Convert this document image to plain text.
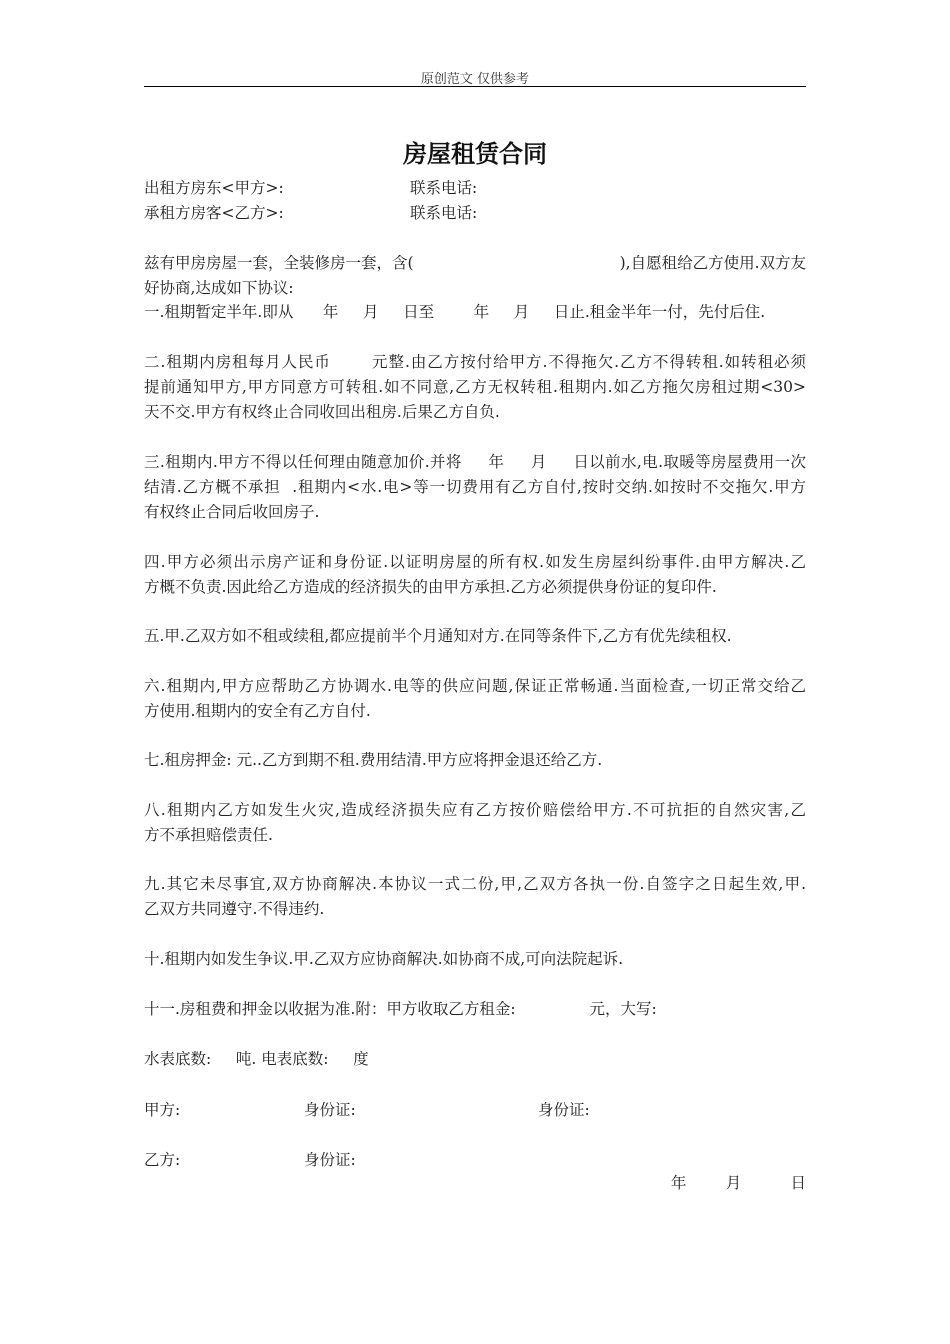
原创范文 仅供参考
房屋租赁合同
出租方房东<甲方>:	联系电话:
承租方房客<乙方>:	联系电话:
兹有甲房房屋一套，全装修房一套，含(	),自愿租给乙方使用.双方友
好协商,达成如下协议:
一.租期暂定半年.即从      年     月     日至        年     月     日止.租金半年一付，先付后住.
二.租期内房租每月人民币       元整.由乙方按付给甲方.不得拖欠.乙方不得转租.如转租必须
提前通知甲方,甲方同意方可转租.如不同意,乙方无权转租.租期内.如乙方拖欠房租过期<30>
天不交.甲方有权终止合同收回出租房.后果乙方自负.
三.租期内.甲方不得以任何理由随意加价.并将     年     月     日以前水,电.取暖等房屋费用一次
结清.乙方概不承担  .租期内<水.电>等一切费用有乙方自付,按时交纳.如按时不交拖欠.甲方
有权终止合同后收回房子.
四.甲方必须出示房产证和身份证.以证明房屋的所有权.如发生房屋纠纷事件.由甲方解决.乙
方概不负责.因此给乙方造成的经济损失的由甲方承担.乙方必须提供身份证的复印件.
五.甲.乙双方如不租或续租,都应提前半个月通知对方.在同等条件下,乙方有优先续租权.
六.租期内,甲方应帮助乙方协调水.电等的供应问题,保证正常畅通.当面检查,一切正常交给乙
方使用.租期内的安全有乙方自付.
七.租房押金: 元..乙方到期不租.费用结清.甲方应将押金退还给乙方.
八.租期内乙方如发生火灾,造成经济损失应有乙方按价赔偿给甲方.不可抗拒的自然灾害,乙
方不承担赔偿责任.
九.其它未尽事宜,双方协商解决.本协议一式二份,甲,乙双方各执一份.自签字之日起生效,甲.
乙双方共同遵守.不得违约.
十.租期内如发生争议.甲.乙双方应协商解决.如协商不成,可向法院起诉.
十一.房租费和押金以收据为准.附：甲方收取乙方租金:               元，大写:
水表底数:     吨. 电表底数:     度
甲方:	身份证:	身份证:
乙方:	身份证:
年        月          日
